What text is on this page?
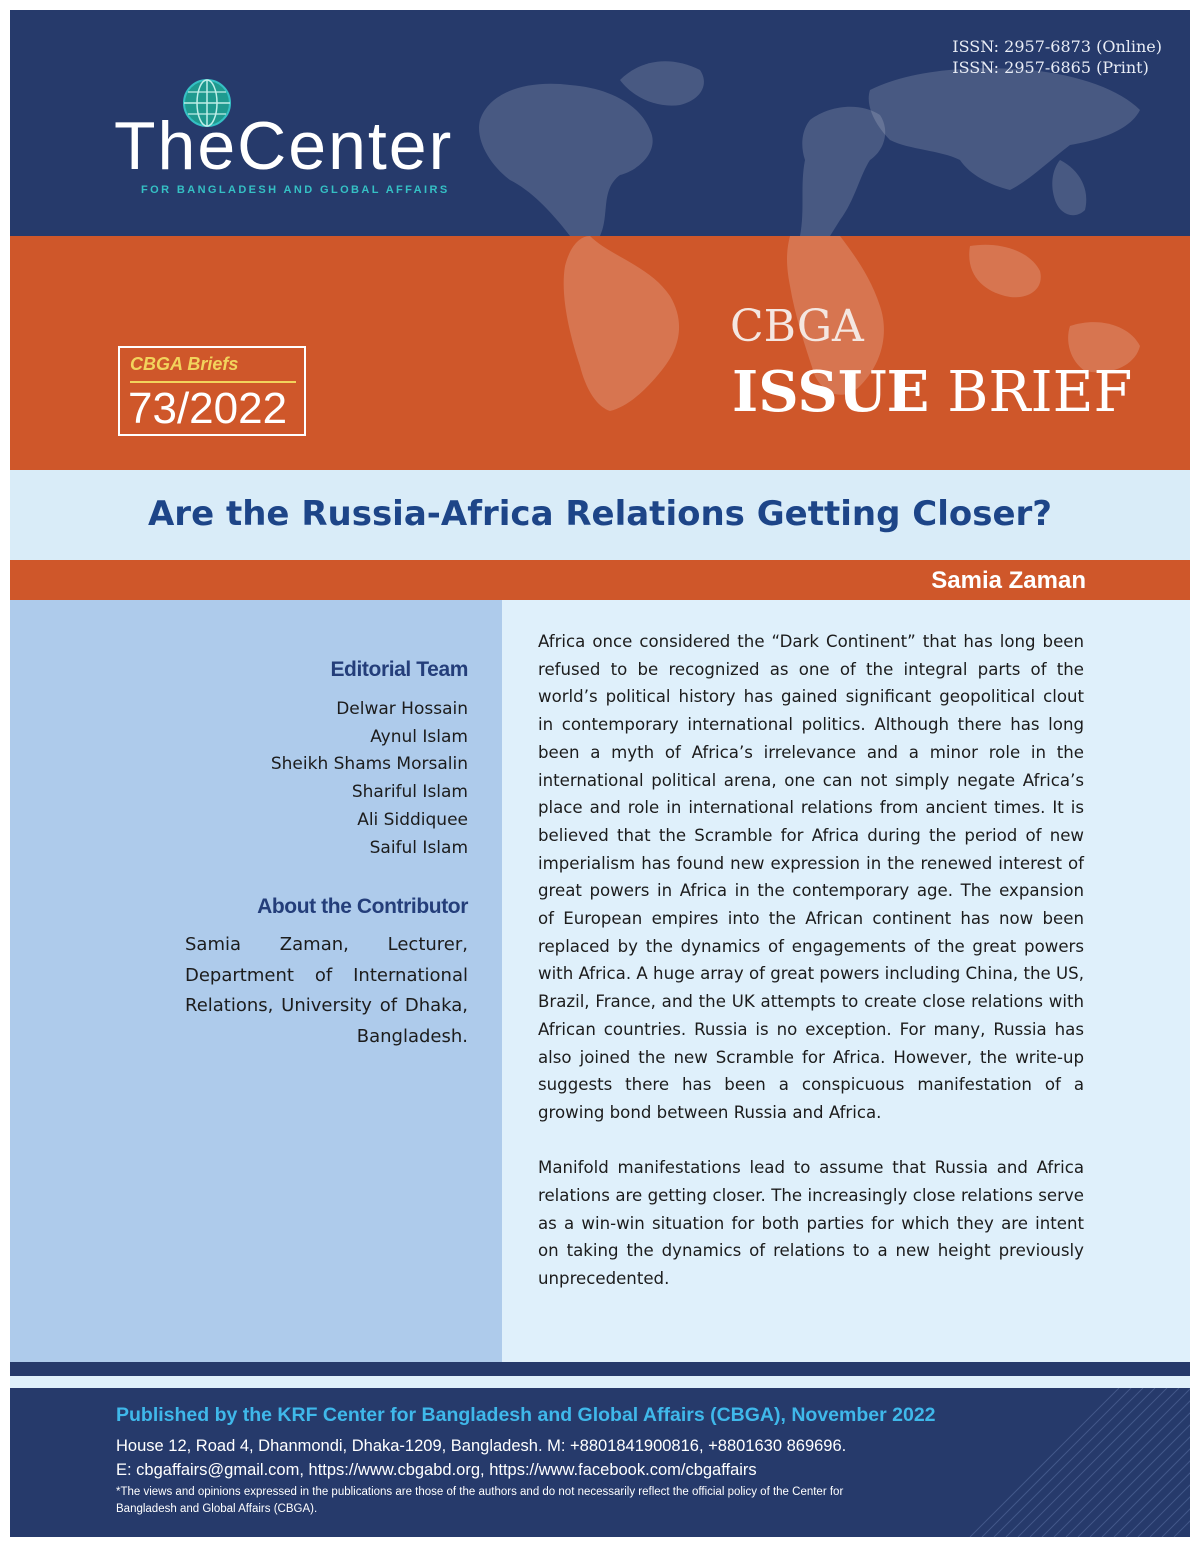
ISSN: 2957-6873 (Online)
ISSN: 2957-6865 (Print)
TheCenter
FOR BANGLADESH AND GLOBAL AFFAIRS
CBGA Briefs
73/2022
CBGA
ISSUE BRIEF
Are the Russia-Africa Relations Getting Closer?
Samia Zaman
Editorial Team
Delwar Hossain
Aynul Islam
Sheikh Shams Morsalin
Shariful Islam
Ali Siddiquee
Saiful Islam
About the Contributor
Samia Zaman, Lecturer, Department of International Relations, University of Dhaka, Bangladesh.

Africa once considered the “Dark Continent” that has long been refused to be recognized as one of the integral parts of the world’s political history has gained significant geopolitical clout in contemporary international politics. Although there has long been a myth of Africa’s irrelevance and a minor role in the international political arena, one can not simply negate Africa’s place and role in international relations from ancient times. It is believed that the Scramble for Africa during the period of new imperialism has found new expression in the renewed interest of great powers in Africa in the contemporary age. The expansion of European empires into the African continent has now been replaced by the dynamics of engagements of the great powers with Africa. A huge array of great powers including China, the US, Brazil, France, and the UK attempts to create close relations with African countries. Russia is no exception. For many, Russia has also joined the new Scramble for Africa. However, the write-up suggests there has been a conspicuous manifestation of a growing bond between Russia and Africa.

Manifold manifestations lead to assume that Russia and Africa relations are getting closer. The increasingly close relations serve as a win-win situation for both parties for which they are intent on taking the dynamics of relations to a new height previously unprecedented.

Published by the KRF Center for Bangladesh and Global Affairs (CBGA), November 2022
House 12, Road 4, Dhanmondi, Dhaka-1209, Bangladesh. M: +8801841900816, +8801630 869696.
E: cbgaffairs@gmail.com, https://www.cbgabd.org, https://www.facebook.com/cbgaffairs
*The views and opinions expressed in the publications are those of the authors and do not necessarily reflect the official policy of the Center for Bangladesh and Global Affairs (CBGA).
